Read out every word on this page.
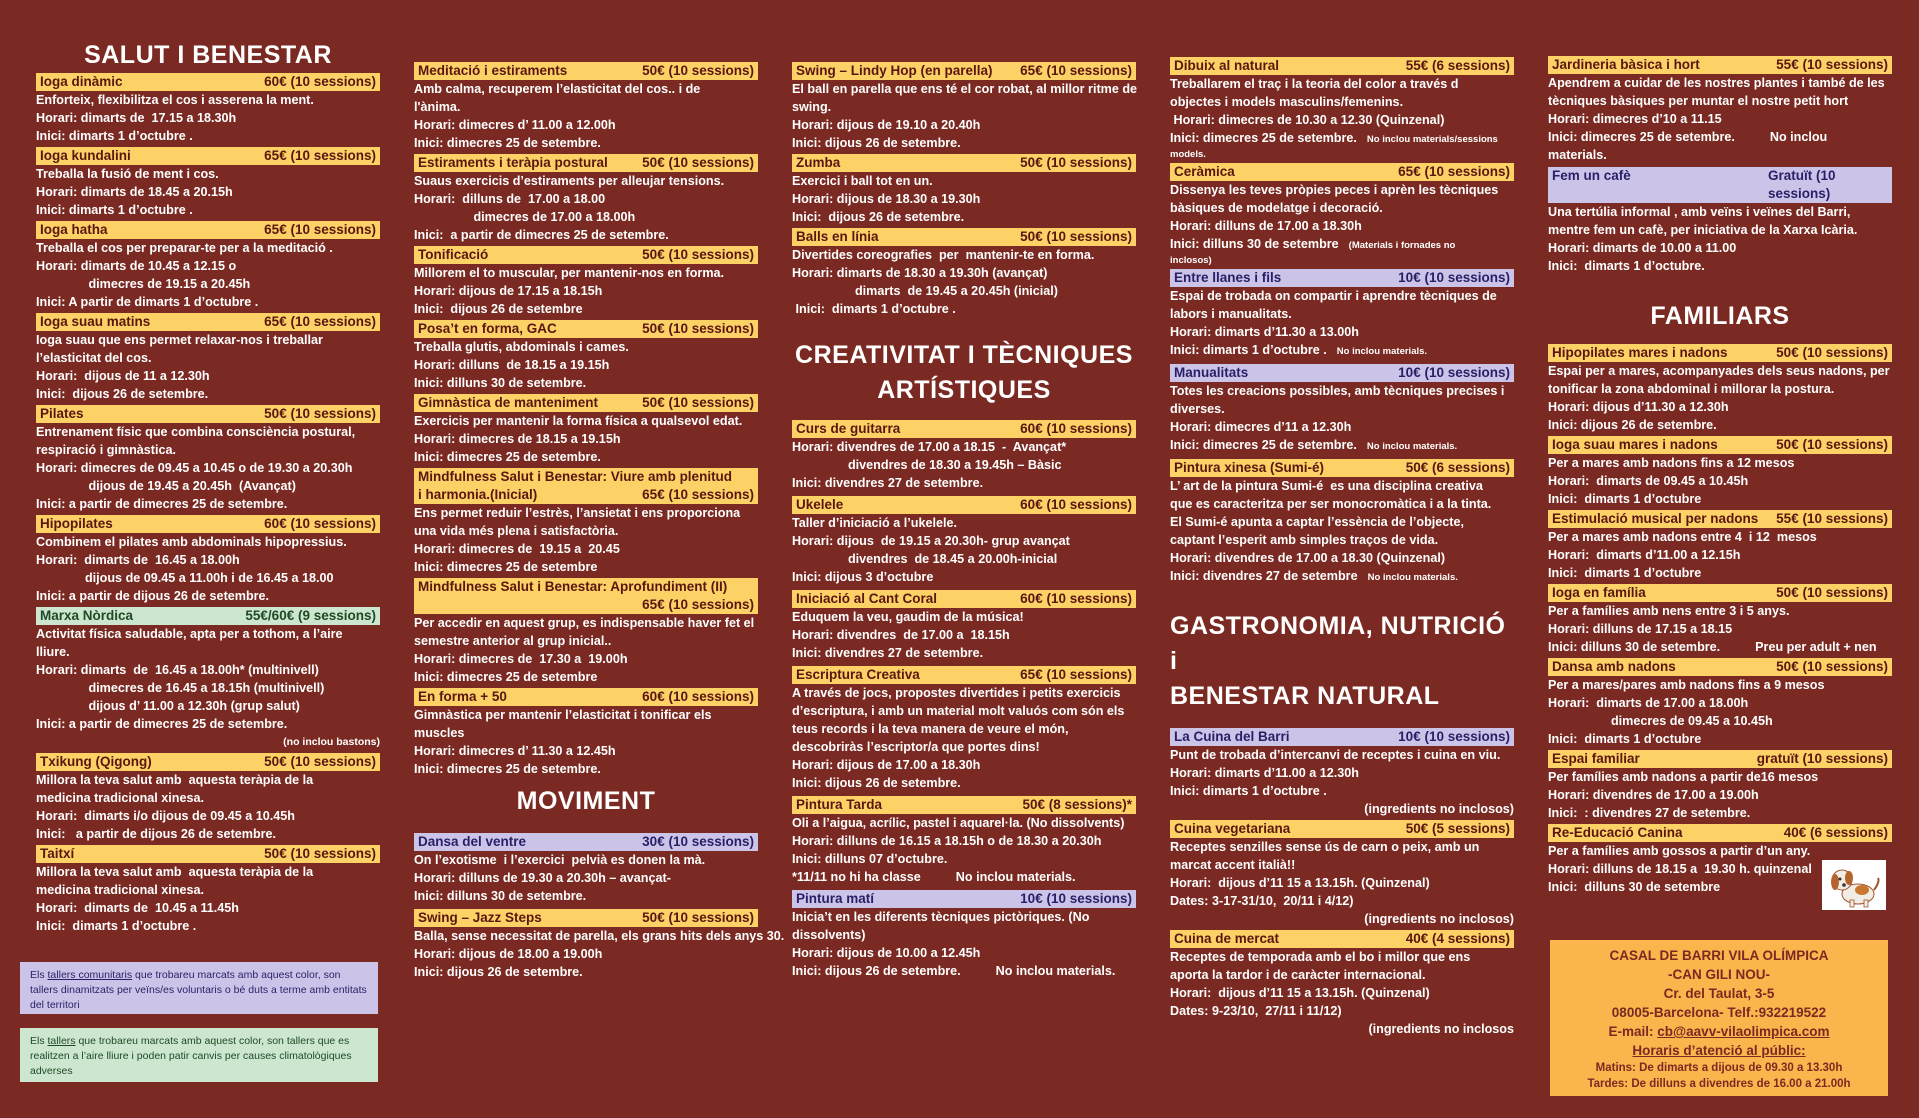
SALUT I BENESTAR
Ioga dinàmic	60€ (10 sessions)
Enforteix, flexibilitza el cos i asserena la ment.
Horari: dimarts de  17.15 a 18.30h
Inici: dimarts 1 d’octubre .
Ioga kundalini	65€ (10 sessions)
Treballa la fusió de ment i cos.
Horari: dimarts de 18.45 a 20.15h
Inici: dimarts 1 d’octubre .
Ioga hatha	65€ (10 sessions)
Treballa el cos per preparar-te per a la meditació .
Horari: dimarts de 10.45 a 12.15 o
dimecres de 19.15 a 20.45h
Inici: A partir de dimarts 1 d’octubre .
Ioga suau matins	65€ (10 sessions)
Ioga suau que ens permet relaxar-nos i treballar
l’elasticitat del cos.
Horari:  dijous de 11 a 12.30h
Inici:  dijous 26 de setembre.
Pilates	50€ (10 sessions)
Entrenament físic que combina consciència postural,
respiració i gimnàstica.
Horari: dimecres de 09.45 a 10.45 o de 19.30 a 20.30h
dijous de 19.45 a 20.45h  (Avançat)
Inici: a partir de dimecres 25 de setembre.
Hipopilates	60€ (10 sessions)
Combinem el pilates amb abdominals hipopressius.
Horari:  dimarts de  16.45 a 18.00h
dijous de 09.45 a 11.00h i de 16.45 a 18.00
Inici: a partir de dijous 26 de setembre.
Marxa Nòrdica	55€/60€ (9 sessions)
Activitat física saludable, apta per a tothom, a l’aire
lliure.
Horari: dimarts  de  16.45 a 18.00h* (multinivell)
dimecres de 16.45 a 18.15h (multinivell)
dijous d’ 11.00 a 12.30h (grup salut)
Inici: a partir de dimecres 25 de setembre.
(no inclou bastons)
Txikung (Qigong)	50€ (10 sessions)
Millora la teva salut amb  aquesta teràpia de la
medicina tradicional xinesa.
Horari:  dimarts i/o dijous de 09.45 a 10.45h
Inici:   a partir de dijous 26 de setembre.
Taitxí	50€ (10 sessions)
Millora la teva salut amb  aquesta teràpia de la
medicina tradicional xinesa.
Horari:  dimarts de  10.45 a 11.45h
Inici:  dimarts 1 d’octubre .
Meditació i estiraments	50€ (10 sessions)
Amb calma, recuperem l’elasticitat del cos.. i de
l'ànima.
Horari: dimecres d’ 11.00 a 12.00h
Inici: dimecres 25 de setembre.
Estiraments i teràpia postural	50€ (10 sessions)
Suaus exercicis d’estiraments per alleujar tensions.
Horari:  dilluns de  17.00 a 18.00
dimecres de 17.00 a 18.00h
Inici:  a partir de dimecres 25 de setembre.
Tonificació	50€ (10 sessions)
Millorem el to muscular, per mantenir-nos en forma.
Horari: dijous de 17.15 a 18.15h
Inici:  dijous 26 de setembre
Posa’t en forma, GAC	50€ (10 sessions)
Treballa glutis, abdominals i cames.
Horari: dilluns  de 18.15 a 19.15h
Inici: dilluns 30 de setembre.
Gimnàstica de manteniment	50€ (10 sessions)
Exercicis per mantenir la forma física a qualsevol edat.
Horari: dimecres de 18.15 a 19.15h
Inici: dimecres 25 de setembre.
Mindfulness Salut i Benestar: Viure amb plenitud
i harmonia.(Inicial)	65€ (10 sessions)
Ens permet reduir l’estrès, l’ansietat i ens proporciona
una vida més plena i satisfactòria.
Horari: dimecres de  19.15 a  20.45
Inici: dimecres 25 de setembre
Mindfulness Salut i Benestar: Aprofundiment (II)
65€ (10 sessions)
Per accedir en aquest grup, es indispensable haver fet el
semestre anterior al grup inicial..
Horari: dimecres de  17.30 a  19.00h
Inici: dimecres 25 de setembre
En forma + 50	60€ (10 sessions)
Gimnàstica per mantenir l’elasticitat i tonificar els
muscles
Horari: dimecres d’ 11.30 a 12.45h
Inici: dimecres 25 de setembre.
MOVIMENT
Dansa del ventre	30€ (10 sessions)
On l’exotisme  i l’exercici  pelvià es donen la mà.
Horari: dilluns de 19.30 a 20.30h – avançat-
Inici: dilluns 30 de setembre.
Swing – Jazz Steps	50€ (10 sessions)
Balla, sense necessitat de parella, els grans hits dels anys 30.
Horari: dijous de 18.00 a 19.00h
Inici: dijous 26 de setembre.
Swing – Lindy Hop (en parella)	65€ (10 sessions)
El ball en parella que ens té el cor robat, al millor ritme de
swing.
Horari: dijous de 19.10 a 20.40h
Inici: dijous 26 de setembre.
Zumba	50€ (10 sessions)
Exercici i ball tot en un.
Horari: dijous de 18.30 a 19.30h
Inici:  dijous 26 de setembre.
Balls en línia	50€ (10 sessions)
Divertides coreografies  per  mantenir-te en forma.
Horari: dimarts de 18.30 a 19.30h (avançat)
dimarts  de 19.45 a 20.45h (inicial)
Inici:  dimarts 1 d’octubre .
CREATIVITAT I TÈCNIQUES
ARTÍSTIQUES
Curs de guitarra	60€ (10 sessions)
Horari: divendres de 17.00 a 18.15  -  Avançat*
divendres de 18.30 a 19.45h – Bàsic
Inici: divendres 27 de setembre.
Ukelele	60€ (10 sessions)
Taller d’iniciació a l’ukelele.
Horari: dijous  de 19.15 a 20.30h- grup avançat
divendres  de 18.45 a 20.00h-inicial
Inici: dijous 3 d’octubre
Iniciació al Cant Coral	60€ (10 sessions)
Eduquem la veu, gaudim de la música!
Horari: divendres  de 17.00 a  18.15h
Inici: divendres 27 de setembre.
Escriptura Creativa	65€ (10 sessions)
A través de jocs, propostes divertides i petits exercicis
d’escriptura, i amb un material molt valuós com són els
teus records i la teva manera de veure el món,
descobriràs l’escriptor/a que portes dins!
Horari: dijous de 17.00 a 18.30h
Inici: dijous 26 de setembre.
Pintura Tarda	50€ (8 sessions)*
Oli a l’aigua, acrílic, pastel i aquarel·la. (No dissolvents)
Horari: dilluns de 16.15 a 18.15h o de 18.30 a 20.30h
Inici: dilluns 07 d’octubre.
*11/11 no hi ha classe          No inclou materials.
Pintura matí	10€ (10 sessions)
Inicia’t en les diferents tècniques pictòriques. (No
dissolvents)
Horari: dijous de 10.00 a 12.45h
Inici: dijous 26 de setembre.          No inclou materials.
Dibuix al natural	55€ (6 sessions)
Treballarem el traç i la teoria del color a través d
objectes i models masculins/femenins.
Horari: dimecres de 10.30 a 12.30 (Quinzenal)
Inici: dimecres 25 de setembre. No inclou materials/sessions
models.
Ceràmica	65€ (10 sessions)
Dissenya les teves pròpies peces i aprèn les tècniques
bàsiques de modelatge i decoració.
Horari: dilluns de 17.00 a 18.30h
Inici: dilluns 30 de setembre (Materials i fornades no
inclosos)
Entre llanes i fils	10€ (10 sessions)
Espai de trobada on compartir i aprendre tècniques de
labors i manualitats.
Horari: dimarts d’11.30 a 13.00h
Inici: dimarts 1 d’octubre . No inclou materials.
Manualitats	10€ (10 sessions)
Totes les creacions possibles, amb tècniques precises i
diverses.
Horari: dimecres d’11 a 12.30h
Inici: dimecres 25 de setembre. No inclou materials.
Pintura xinesa (Sumi-é)	50€ (6 sessions)
L’ art de la pintura Sumi-é  es una disciplina creativa
que es caracteritza per ser monocromàtica i a la tinta.
El Sumi-é apunta a captar l’essència de l’objecte,
captant l’esperit amb simples traços de vida.
Horari: divendres de 17.00 a 18.30 (Quinzenal)
Inici: divendres 27 de setembre No inclou materials.
GASTRONOMIA, NUTRICIÓ i
BENESTAR NATURAL
La Cuina del Barri	10€ (10 sessions)
Punt de trobada d’intercanvi de receptes i cuina en viu.
Horari: dimarts d’11.00 a 12.30h
Inici: dimarts 1 d’octubre .
(ingredients no inclosos)
Cuina vegetariana	50€ (5 sessions)
Receptes senzilles sense ús de carn o peix, amb un
marcat accent italià!!
Horari:  dijous d’11 15 a 13.15h. (Quinzenal)
Dates: 3-17-31/10,  20/11 i 4/12)
(ingredients no inclosos)
Cuina de mercat	40€ (4 sessions)
Receptes de temporada amb el bo i millor que ens
aporta la tardor i de caràcter internacional.
Horari:  dijous d’11 15 a 13.15h. (Quinzenal)
Dates: 9-23/10,  27/11 i 11/12)
(ingredients no inclosos
Jardineria bàsica i hort	55€ (10 sessions)
Apendrem a cuidar de les nostres plantes i també de les
tècniques bàsiques per muntar el nostre petit hort
Horari: dimecres d’10 a 11.15
Inici: dimecres 25 de setembre.          No inclou
materials.
Fem un cafè	Gratuït (10
sessions)
Una tertúlia informal , amb veïns i veïnes del Barri,
mentre fem un cafè, per iniciativa de la Xarxa Icària.
Horari: dimarts de 10.00 a 11.00
Inici:  dimarts 1 d’octubre.
FAMILIARS
Hipopilates mares i nadons	50€ (10 sessions)
Espai per a mares, acompanyades dels seus nadons, per
tonificar la zona abdominal i millorar la postura.
Horari: dijous d’11.30 a 12.30h
Inici: dijous 26 de setembre.
Ioga suau mares i nadons	50€ (10 sessions)
Per a mares amb nadons fins a 12 mesos
Horari:  dimarts de 09.45 a 10.45h
Inici:  dimarts 1 d’octubre
Estimulació musical per nadons	55€ (10 sessions)
Per a mares amb nadons entre 4  i 12  mesos
Horari:  dimarts d’11.00 a 12.15h
Inici:  dimarts 1 d’octubre
Ioga en família	50€ (10 sessions)
Per a famílies amb nens entre 3 i 5 anys.
Horari: dilluns de 17.15 a 18.15
Inici: dilluns 30 de setembre.          Preu per adult + nen
Dansa amb nadons	50€ (10 sessions)
Per a mares/pares amb nadons fins a 9 mesos
Horari:  dimarts de 17.00 a 18.00h
dimecres de 09.45 a 10.45h
Inici:  dimarts 1 d’octubre
Espai familiar	gratuït (10 sessions)
Per famílies amb nadons a partir de16 mesos
Horari: divendres de 17.00 a 19.00h
Inici:  : divendres 27 de setembre.
Re-Educació Canina	40€ (6 sessions)
Per a famílies amb gossos a partir d’un any.
Horari: dilluns de 18.15 a  19.30 h. quinzenal
Inici:  dilluns 30 de setembre
Els tallers comunitaris que trobareu marcats amb aquest color, son tallers dinamitzats per veïns/es voluntaris o bé duts a terme amb entitats del territori
Els tallers que trobareu marcats amb aquest color, son tallers que es realitzen a l’aire lliure i poden patir canvis per causes climatològiques adverses
CASAL DE BARRI VILA OLÍMPICA
-CAN GILI NOU-
Cr. del Taulat, 3-5
08005-Barcelona- Telf.:932219522
E-mail: cb@aavv-vilaolimpica.com
Horaris d’atenció al públic:
Matins: De dimarts a dijous de 09.30 a 13.30h
Tardes: De dilluns a divendres de 16.00 a 21.00h
